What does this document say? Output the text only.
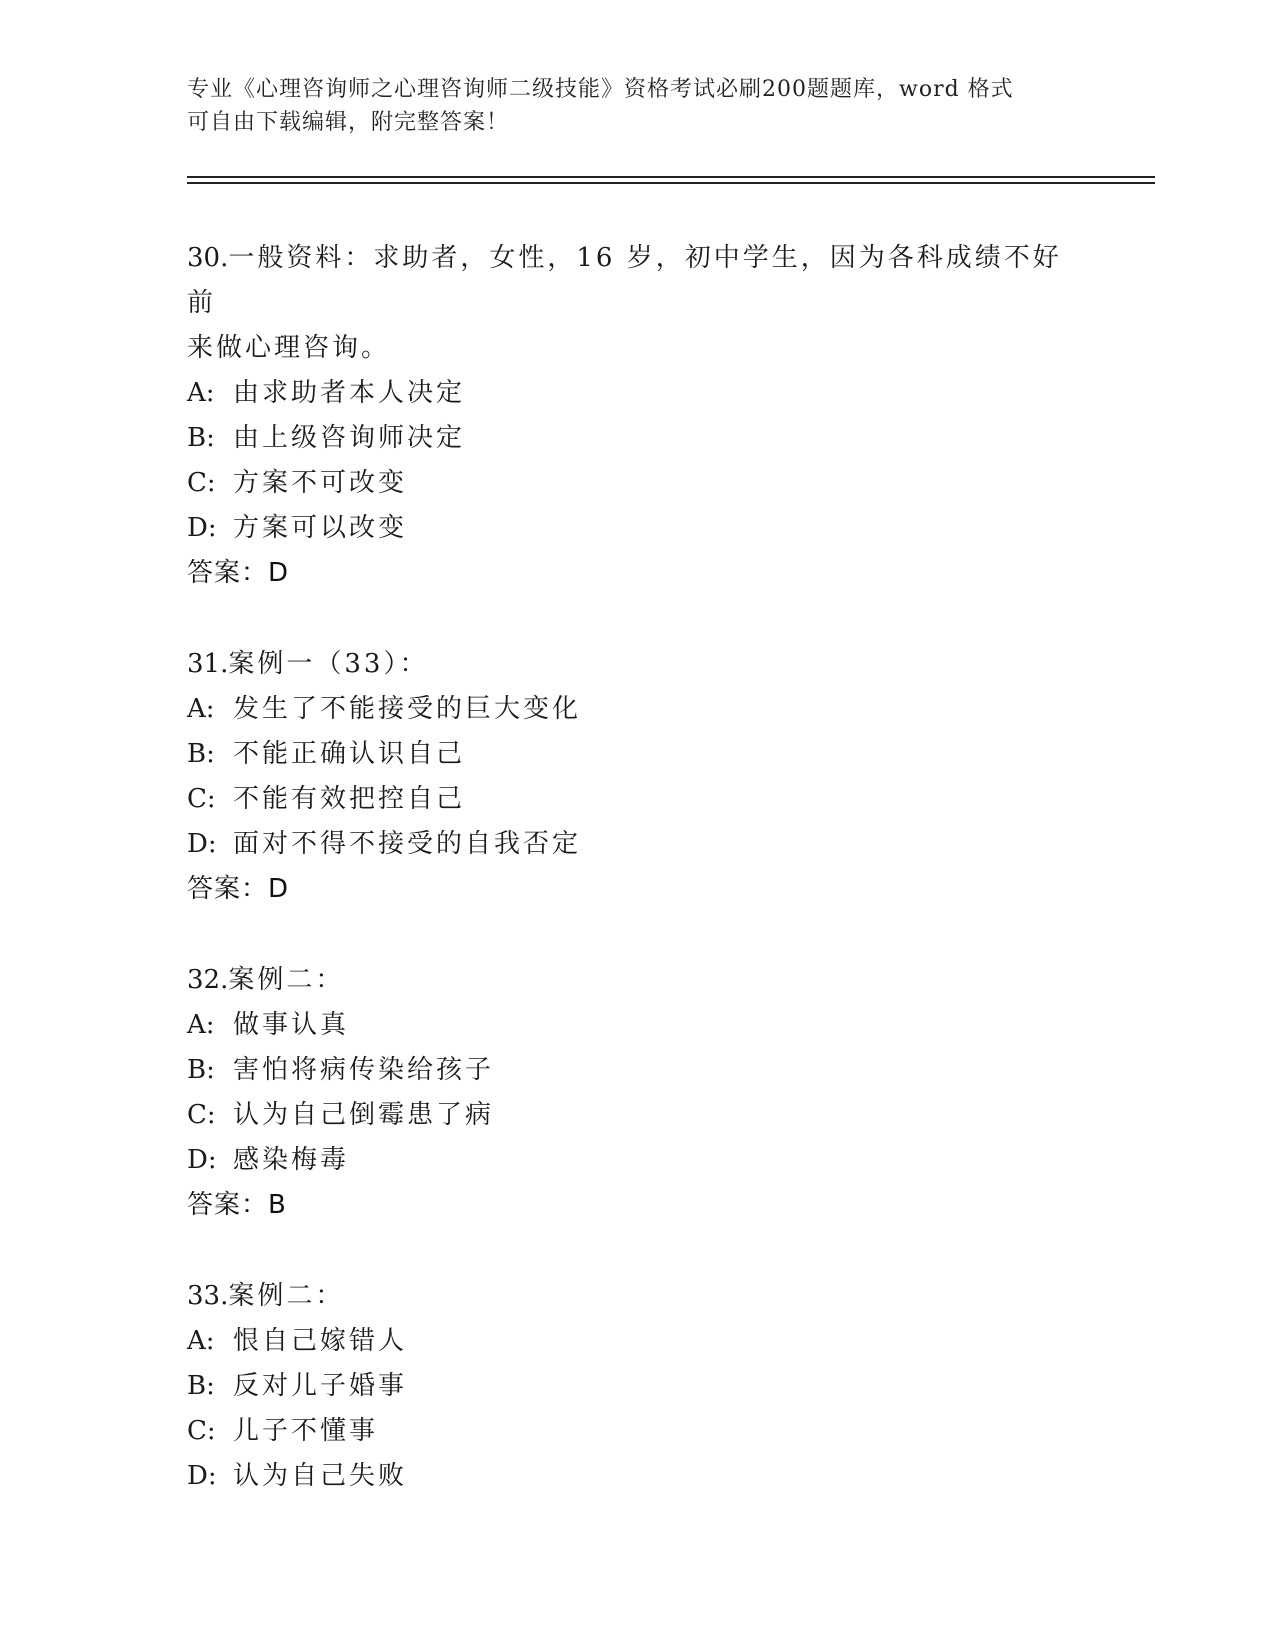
专业《心理咨询师之心理咨询师二级技能》资格考试必刷200题题库，word 格式
可自由下载编辑，附完整答案！
30.一般资料：求助者，女性，16 岁，初中学生，因为各科成绩不好前
来做心理咨询。
A: 由求助者本人决定
B: 由上级咨询师决定
C: 方案不可改变
D: 方案可以改变
答案：D
31.案例一（33）：
A: 发生了不能接受的巨大变化
B: 不能正确认识自己
C: 不能有效把控自己
D: 面对不得不接受的自我否定
答案：D
32.案例二：
A: 做事认真
B: 害怕将病传染给孩子
C: 认为自己倒霉患了病
D: 感染梅毒
答案：B
33.案例二：
A: 恨自己嫁错人
B: 反对儿子婚事
C: 儿子不懂事
D: 认为自己失败
